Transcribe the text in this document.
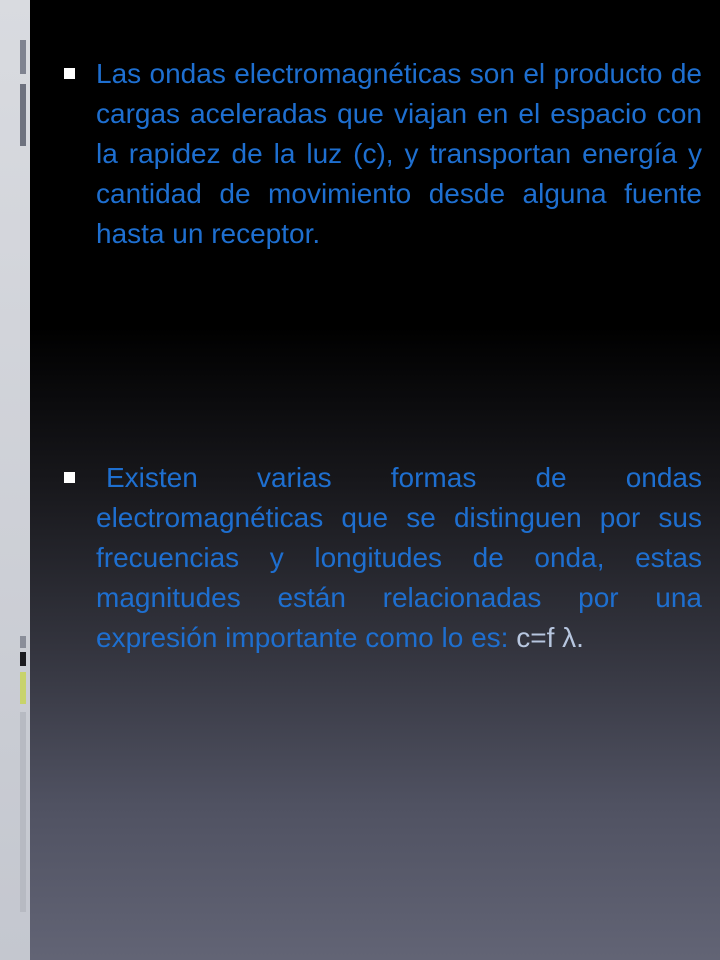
Las ondas electromagnéticas son el producto de cargas aceleradas que viajan en el espacio con la rapidez de la luz (c), y transportan energía y cantidad de movimiento desde alguna fuente hasta un receptor.
Existen varias formas de ondas electromagnéticas que se distinguen por sus frecuencias y longitudes de onda, estas magnitudes están relacionadas por una expresión importante como lo es: c=f λ.
